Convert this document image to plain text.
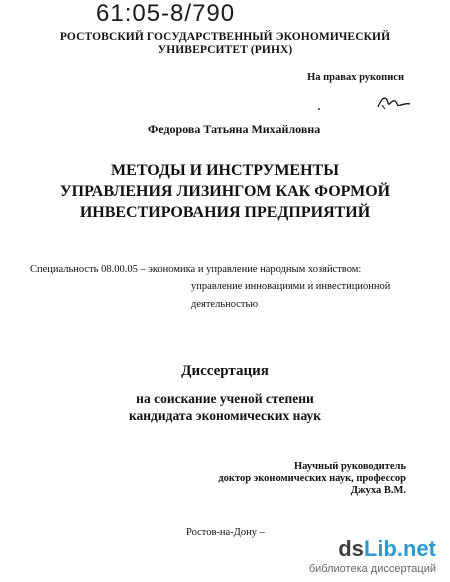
61:05-8/790
РОСТОВСКИЙ ГОСУДАРСТВЕННЫЙ ЭКОНОМИЧЕСКИЙ
УНИВЕРСИТЕТ (РИНХ)
На правах рукописи
Федорова Татьяна Михайловна
МЕТОДЫ И ИНСТРУМЕНТЫ
УПРАВЛЕНИЯ ЛИЗИНГОМ КАК ФОРМОЙ
ИНВЕСТИРОВАНИЯ ПРЕДПРИЯТИЙ
Специальность 08.00.05 – экономика и управление народным хозяйством:
управление инновациями и инвестиционной
деятельностью
Диссертация
на соискание ученой степени
кандидата экономических наук
Научный руководитель
доктор экономических наук, профессор
Джуха В.М.
Ростов-на-Дону –
dsLib.net
библиотека диссертаций
